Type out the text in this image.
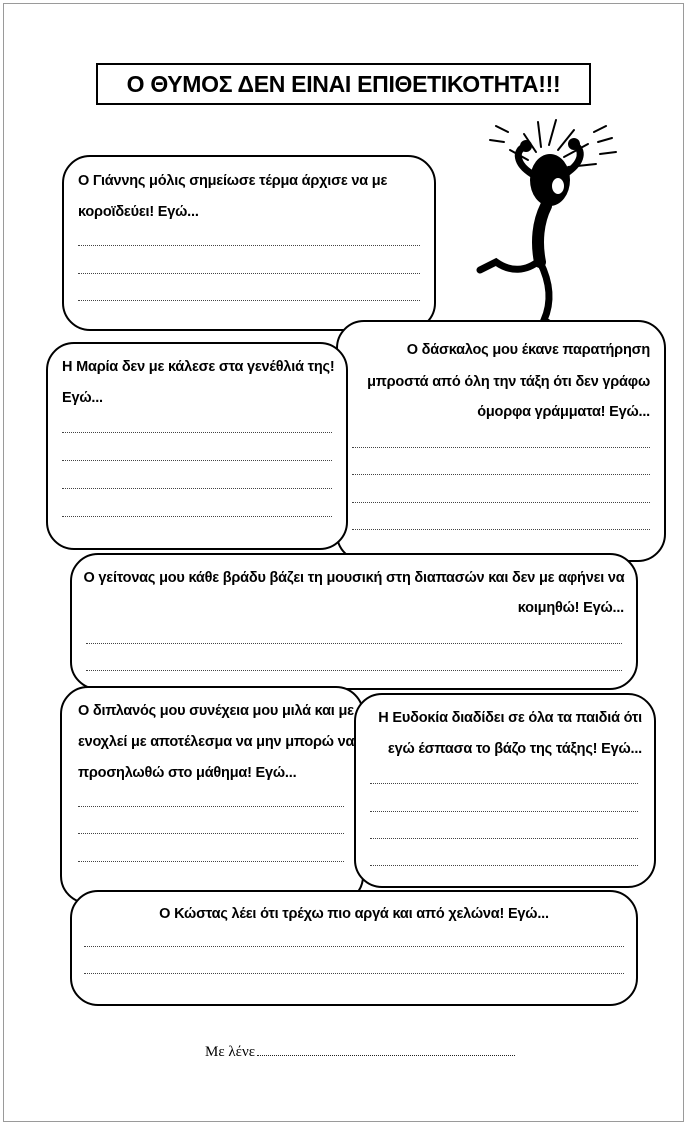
Ο ΘΥΜΟΣ ΔΕΝ ΕΙΝΑΙ ΕΠΙΘΕΤΙΚΟΤΗΤΑ!!!
Ο Γιάννης μόλις σημείωσε τέρμα άρχισε να με
κοροϊδεύει! Εγώ...
Ο δάσκαλος μου έκανε παρατήρηση
μπροστά από όλη την τάξη ότι δεν γράφω
όμορφα γράμματα! Εγώ...
Η Μαρία δεν με κάλεσε στα γενέθλιά της!
Εγώ...
Ο γείτονας μου κάθε βράδυ βάζει τη μουσική στη διαπασών και δεν με αφήνει να
κοιμηθώ! Εγώ...
Ο διπλανός μου συνέχεια μου μιλά και με
ενοχλεί με αποτέλεσμα να μην μπορώ να
προσηλωθώ στο μάθημα! Εγώ...
Η Ευδοκία διαδίδει σε όλα τα παιδιά ότι
εγώ έσπασα το βάζο της τάξης! Εγώ...
Ο Κώστας λέει ότι τρέχω πιο αργά και από χελώνα! Εγώ...
Με λένε
